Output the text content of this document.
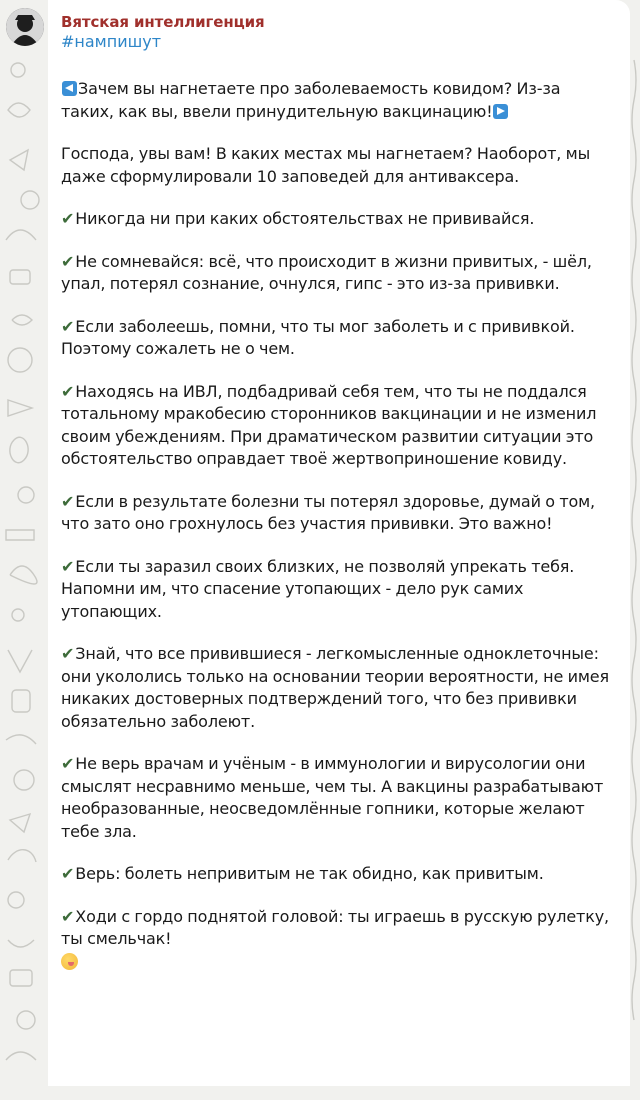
Вятская интеллигенция
#нампишут

Зачем вы нагнетаете про заболеваемость ковидом? Из-за таких, как вы, ввели принудительную вакцинацию!

Господа, увы вам! В каких местах мы нагнетаем? Наоборот, мы даже сформулировали 10 заповедей для антиваксера.

✔Никогда ни при каких обстоятельствах не прививайся.

✔Не сомневайся: всё, что происходит в жизни привитых, - шёл, упал, потерял сознание, очнулся, гипс - это из-за прививки.

✔Если заболеешь, помни, что ты мог заболеть и с прививкой. Поэтому сожалеть не о чем.

✔Находясь на ИВЛ, подбадривай себя тем, что ты не поддался тотальному мракобесию сторонников вакцинации и не изменил своим убеждениям. При драматическом развитии ситуации это обстоятельство оправдает твоё жертвоприношение ковиду.

✔Если в результате болезни ты потерял здоровье, думай о том, что зато оно грохнулось без участия прививки. Это важно!

✔Если ты заразил своих близких, не позволяй упрекать тебя. Напомни им, что спасение утопающих - дело рук самих утопающих.

✔Знай, что все привившиеся - легкомысленные одноклеточные: они укололись только на основании теории вероятности, не имея никаких достоверных подтверждений того, что без прививки обязательно заболеют.

✔Не верь врачам и учёным - в иммунологии и вирусологии они смыслят несравнимо меньше, чем ты. А вакцины разрабатывают необразованные, неосведомлённые гопники, которые желают тебе зла.

✔Верь: болеть непривитым не так обидно, как привитым.

✔Ходи с гордо поднятой головой: ты играешь в русскую рулетку, ты смельчак!
